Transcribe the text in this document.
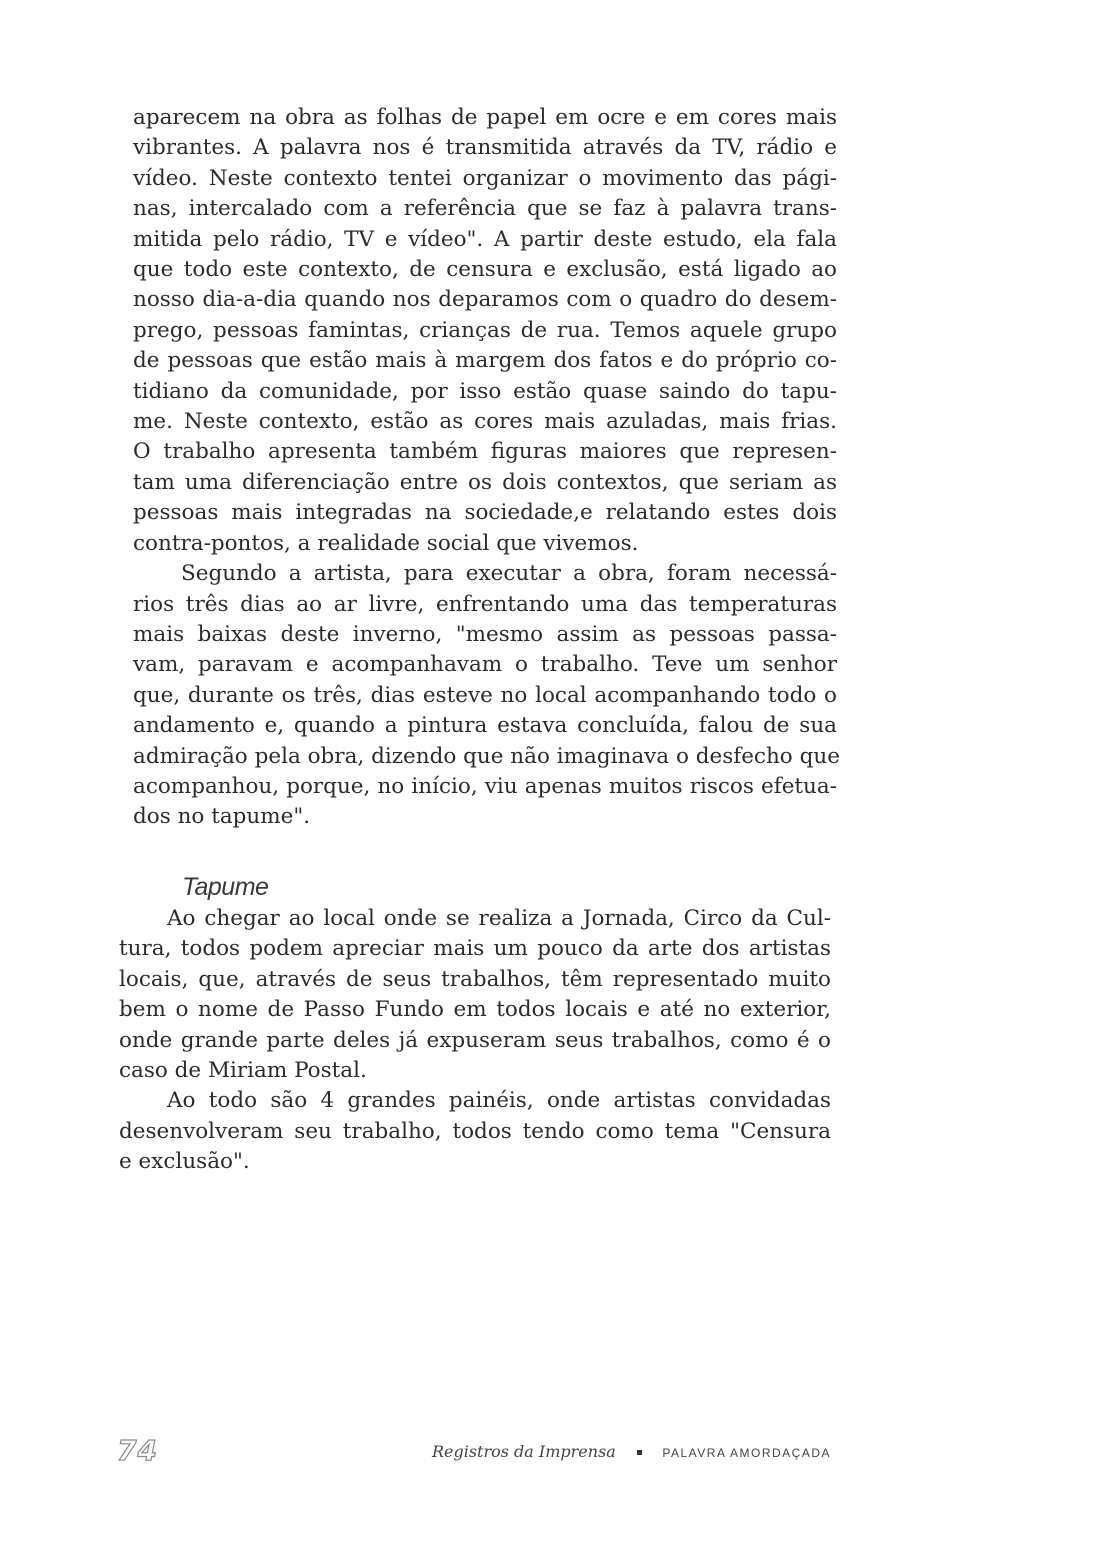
aparecem na obra as folhas de papel em ocre e em cores mais
vibrantes. A palavra nos é transmitida através da TV, rádio e
vídeo. Neste contexto tentei organizar o movimento das pági-
nas, intercalado com a referência que se faz à palavra trans-
mitida pelo rádio, TV e vídeo". A partir deste estudo, ela fala
que todo este contexto, de censura e exclusão, está ligado ao
nosso dia-a-dia quando nos deparamos com o quadro do desem-
prego, pessoas famintas, crianças de rua. Temos aquele grupo
de pessoas que estão mais à margem dos fatos e do próprio co-
tidiano da comunidade, por isso estão quase saindo do tapu-
me. Neste contexto, estão as cores mais azuladas, mais frias.
O trabalho apresenta também figuras maiores que represen-
tam uma diferenciação entre os dois contextos, que seriam as
pessoas mais integradas na sociedade,e relatando estes dois
contra-pontos, a realidade social que vivemos.

Segundo a artista, para executar a obra, foram necessá-
rios três dias ao ar livre, enfrentando uma das temperaturas
mais baixas deste inverno, "mesmo assim as pessoas passa-
vam, paravam e acompanhavam o trabalho. Teve um senhor
que, durante os três, dias esteve no local acompanhando todo o
andamento e, quando a pintura estava concluída, falou de sua
admiração pela obra, dizendo que não imaginava o desfecho que
acompanhou, porque, no início, viu apenas muitos riscos efetua-
dos no tapume".

Tapume

Ao chegar ao local onde se realiza a Jornada, Circo da Cul-
tura, todos podem apreciar mais um pouco da arte dos artistas
locais, que, através de seus trabalhos, têm representado muito
bem o nome de Passo Fundo em todos locais e até no exterior,
onde grande parte deles já expuseram seus trabalhos, como é o
caso de Miriam Postal.

Ao todo são 4 grandes painéis, onde artistas convidadas
desenvolveram seu trabalho, todos tendo como tema "Censura
e exclusão".

74	Registros da Imprensa	PALAVRA AMORDAÇADA
